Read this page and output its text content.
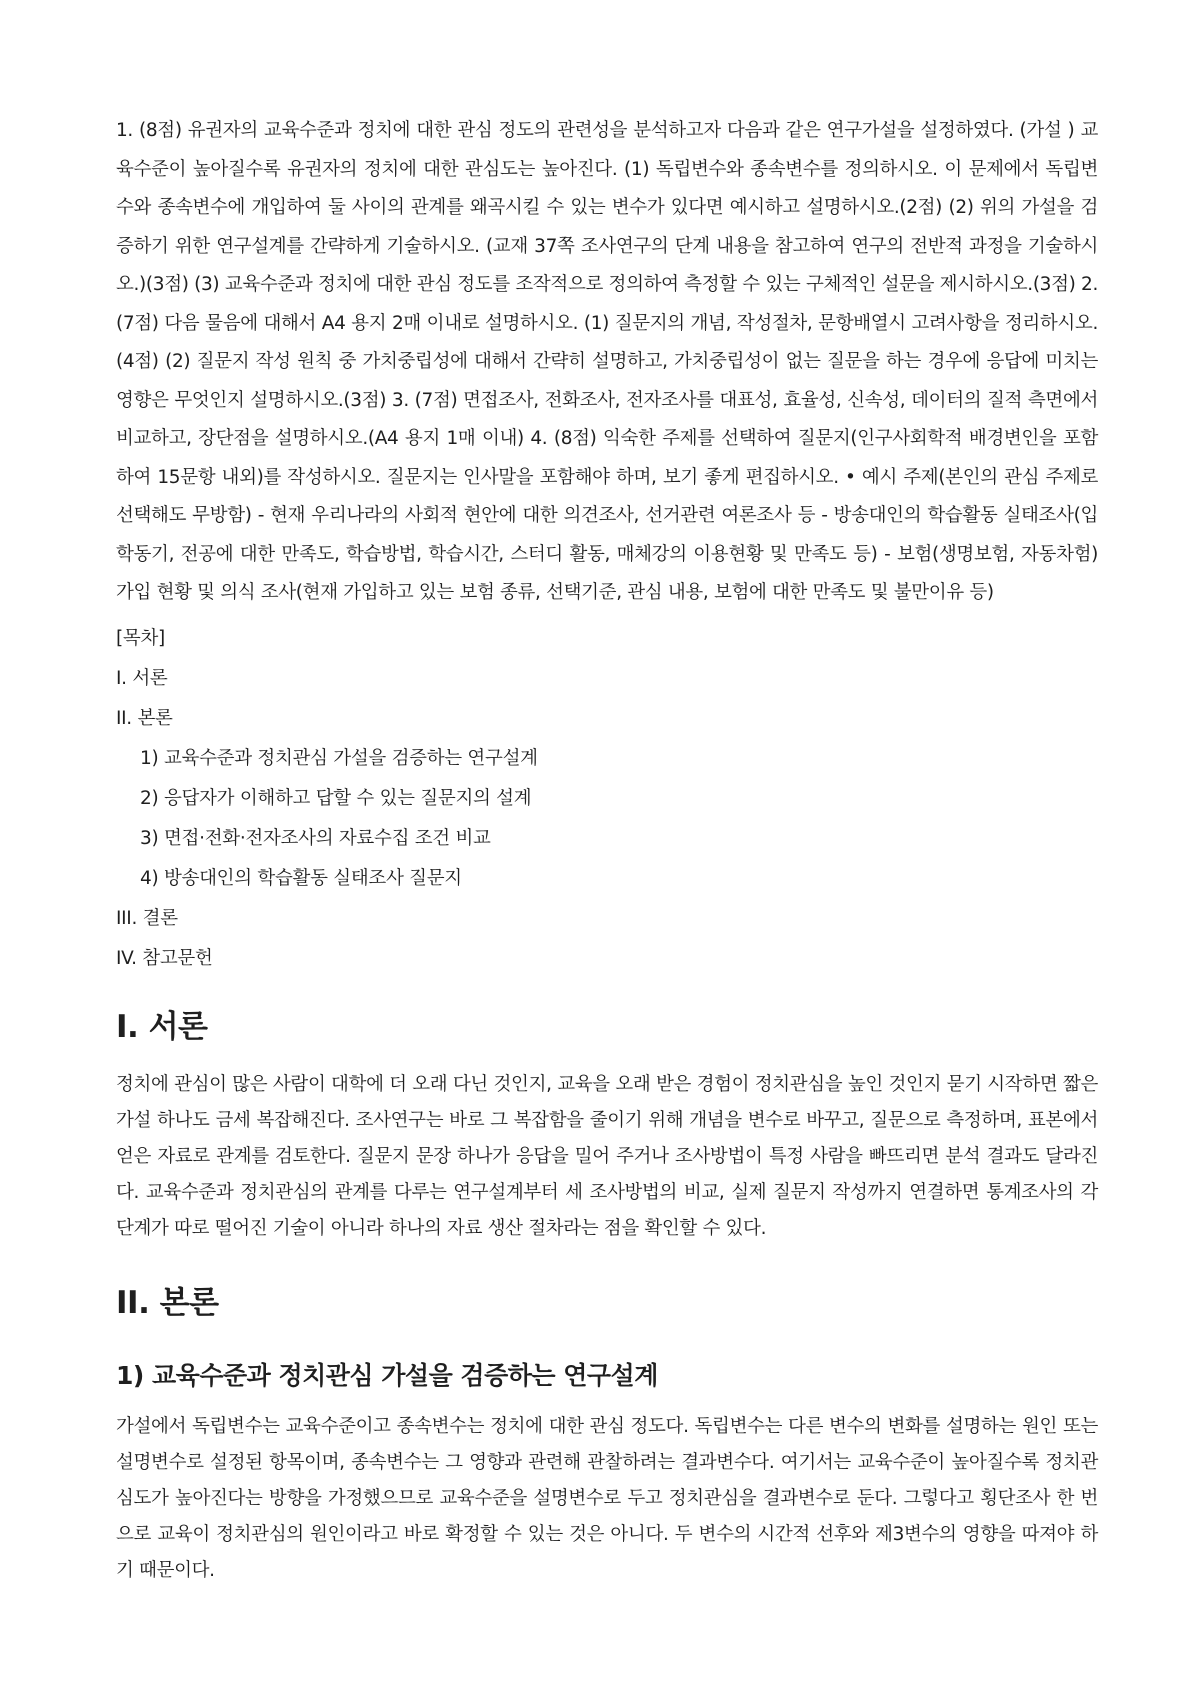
1. (8점) 유권자의 교육수준과 정치에 대한 관심 정도의 관련성을 분석하고자 다음과 같은 연구가설을 설정하였다. (가설 ) 교육수준이 높아질수록 유권자의 정치에 대한 관심도는 높아진다. (1) 독립변수와 종속변수를 정의하시오. 이 문제에서 독립변수와 종속변수에 개입하여 둘 사이의 관계를 왜곡시킬 수 있는 변수가 있다면 예시하고 설명하시오.(2점) (2) 위의 가설을 검증하기 위한 연구설계를 간략하게 기술하시오. (교재 37쪽 조사연구의 단계 내용을 참고하여 연구의 전반적 과정을 기술하시오.)(3점) (3) 교육수준과 정치에 대한 관심 정도를 조작적으로 정의하여 측정할 수 있는 구체적인 설문을 제시하시오.(3점) 2. (7점) 다음 물음에 대해서 A4 용지 2매 이내로 설명하시오. (1) 질문지의 개념, 작성절차, 문항배열시 고려사항을 정리하시오.(4점) (2) 질문지 작성 원칙 중 가치중립성에 대해서 간략히 설명하고, 가치중립성이 없는 질문을 하는 경우에 응답에 미치는 영향은 무엇인지 설명하시오.(3점) 3. (7점) 면접조사, 전화조사, 전자조사를 대표성, 효율성, 신속성, 데이터의 질적 측면에서 비교하고, 장단점을 설명하시오.(A4 용지 1매 이내) 4. (8점) 익숙한 주제를 선택하여 질문지(인구사회학적 배경변인을 포함하여 15문항 내외)를 작성하시오. 질문지는 인사말을 포함해야 하며, 보기 좋게 편집하시오. • 예시 주제(본인의 관심 주제로 선택해도 무방함) - 현재 우리나라의 사회적 현안에 대한 의견조사, 선거관련 여론조사 등 - 방송대인의 학습활동 실태조사(입학동기, 전공에 대한 만족도, 학습방법, 학습시간, 스터디 활동, 매체강의 이용현황 및 만족도 등) - 보험(생명보험, 자동차험)가입 현황 및 의식 조사(현재 가입하고 있는 보험 종류, 선택기준, 관심 내용, 보험에 대한 만족도 및 불만이유 등)

[목차]
I. 서론
II. 본론
1) 교육수준과 정치관심 가설을 검증하는 연구설계
2) 응답자가 이해하고 답할 수 있는 질문지의 설계
3) 면접·전화·전자조사의 자료수집 조건 비교
4) 방송대인의 학습활동 실태조사 질문지
III. 결론
IV. 참고문헌
I. 서론

정치에 관심이 많은 사람이 대학에 더 오래 다닌 것인지, 교육을 오래 받은 경험이 정치관심을 높인 것인지 묻기 시작하면 짧은 가설 하나도 금세 복잡해진다. 조사연구는 바로 그 복잡함을 줄이기 위해 개념을 변수로 바꾸고, 질문으로 측정하며, 표본에서 얻은 자료로 관계를 검토한다. 질문지 문장 하나가 응답을 밀어 주거나 조사방법이 특정 사람을 빠뜨리면 분석 결과도 달라진다. 교육수준과 정치관심의 관계를 다루는 연구설계부터 세 조사방법의 비교, 실제 질문지 작성까지 연결하면 통계조사의 각 단계가 따로 떨어진 기술이 아니라 하나의 자료 생산 절차라는 점을 확인할 수 있다.

II. 본론
1) 교육수준과 정치관심 가설을 검증하는 연구설계

가설에서 독립변수는 교육수준이고 종속변수는 정치에 대한 관심 정도다. 독립변수는 다른 변수의 변화를 설명하는 원인 또는 설명변수로 설정된 항목이며, 종속변수는 그 영향과 관련해 관찰하려는 결과변수다. 여기서는 교육수준이 높아질수록 정치관심도가 높아진다는 방향을 가정했으므로 교육수준을 설명변수로 두고 정치관심을 결과변수로 둔다. 그렇다고 횡단조사 한 번으로 교육이 정치관심의 원인이라고 바로 확정할 수 있는 것은 아니다. 두 변수의 시간적 선후와 제3변수의 영향을 따져야 하기 때문이다.
